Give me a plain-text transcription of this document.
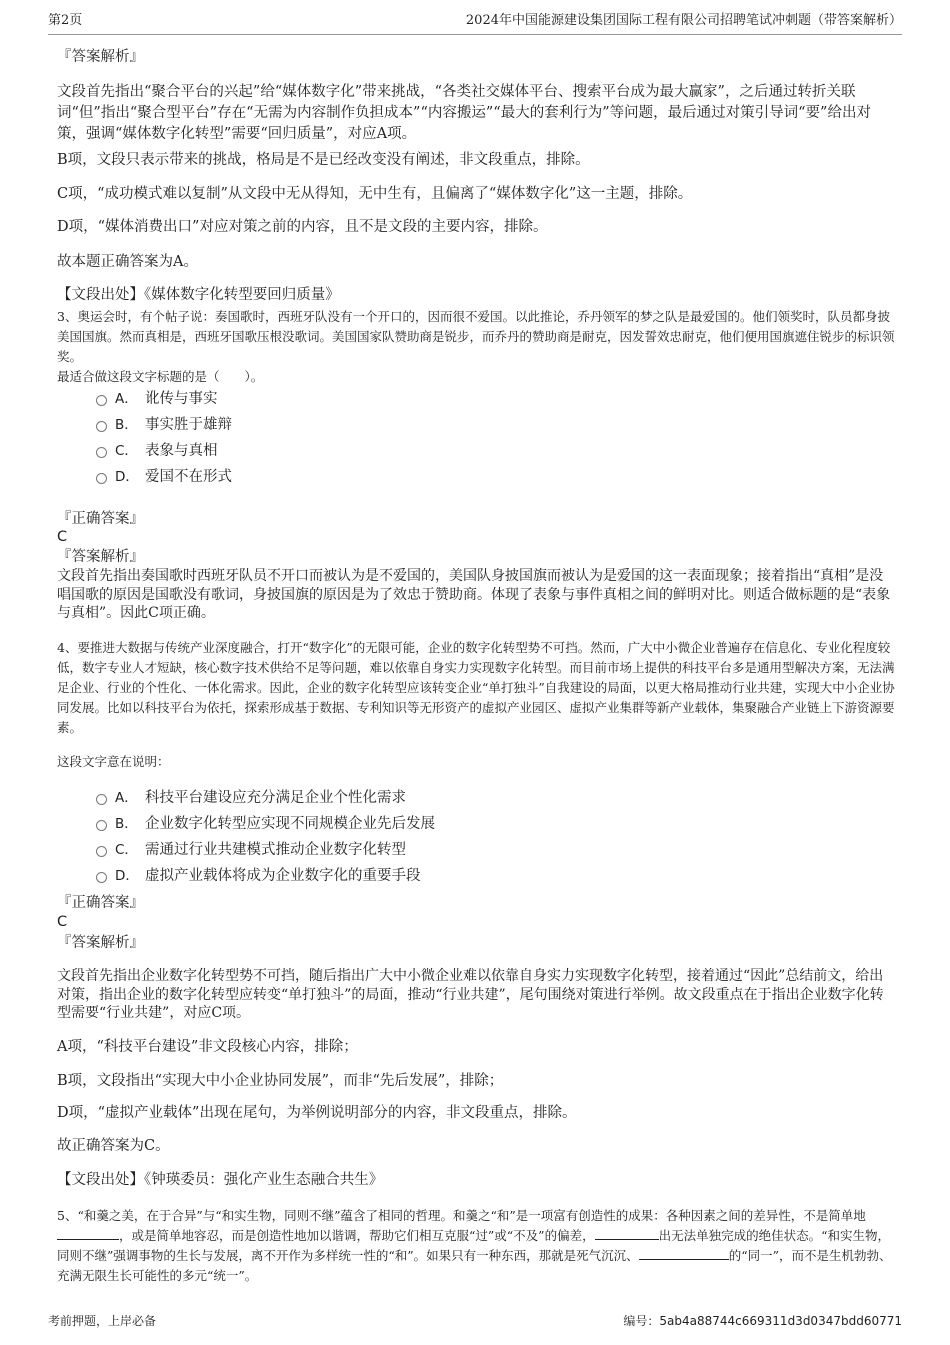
第2页	2024年中国能源建设集团国际工程有限公司招聘笔试冲刺题（带答案解析）
『答案解析』
文段首先指出“聚合平台的兴起”给“媒体数字化”带来挑战，“各类社交媒体平台、搜索平台成为最大赢家”，之后通过转折关联词“但”指出“聚合型平台”存在“无需为内容制作负担成本”“内容搬运”“最大的套利行为”等问题，最后通过对策引导词“要”给出对策，强调“媒体数字化转型”需要“回归质量”，对应A项。
B项，文段只表示带来的挑战，格局是不是已经改变没有阐述，非文段重点，排除。
C项，“成功模式难以复制”从文段中无从得知，无中生有，且偏离了“媒体数字化”这一主题，排除。
D项，“媒体消费出口”对应对策之前的内容，且不是文段的主要内容，排除。
故本题正确答案为A。
【文段出处】《媒体数字化转型要回归质量》
3、奥运会时，有个帖子说：奏国歌时，西班牙队没有一个开口的，因而很不爱国。以此推论，乔丹领军的梦之队是最爱国的。他们领奖时，队员都身披美国国旗。然而真相是，西班牙国歌压根没歌词。美国国家队赞助商是锐步，而乔丹的赞助商是耐克，因发誓效忠耐克，他们便用国旗遮住锐步的标识领奖。
最适合做这段文字标题的是（　　）。
A． 讹传与事实
B． 事实胜于雄辩
C． 表象与真相
D． 爱国不在形式
『正确答案』
C
『答案解析』
文段首先指出奏国歌时西班牙队员不开口而被认为是不爱国的，美国队身披国旗而被认为是爱国的这一表面现象；接着指出“真相”是没唱国歌的原因是国歌没有歌词，身披国旗的原因是为了效忠于赞助商。体现了表象与事件真相之间的鲜明对比。则适合做标题的是“表象与真相”。因此C项正确。
4、要推进大数据与传统产业深度融合，打开“数字化”的无限可能，企业的数字化转型势不可挡。然而，广大中小微企业普遍存在信息化、专业化程度较低，数字专业人才短缺，核心数字技术供给不足等问题，难以依靠自身实力实现数字化转型。而目前市场上提供的科技平台多是通用型解决方案，无法满足企业、行业的个性化、一体化需求。因此，企业的数字化转型应该转变企业“单打独斗”自我建设的局面，以更大格局推动行业共建，实现大中小企业协同发展。比如以科技平台为依托，探索形成基于数据、专利知识等无形资产的虚拟产业园区、虚拟产业集群等新产业载体，集聚融合产业链上下游资源要素。
这段文字意在说明：
A． 科技平台建设应充分满足企业个性化需求
B． 企业数字化转型应实现不同规模企业先后发展
C． 需通过行业共建模式推动企业数字化转型
D． 虚拟产业载体将成为企业数字化的重要手段
『正确答案』
C
『答案解析』
文段首先指出企业数字化转型势不可挡，随后指出广大中小微企业难以依靠自身实力实现数字化转型，接着通过“因此”总结前文，给出对策，指出企业的数字化转型应转变“单打独斗”的局面，推动“行业共建”，尾句围绕对策进行举例。故文段重点在于指出企业数字化转型需要“行业共建”，对应C项。
A项，“科技平台建设”非文段核心内容，排除；
B项，文段指出“实现大中小企业协同发展”，而非“先后发展”，排除；
D项，“虚拟产业载体”出现在尾句，为举例说明部分的内容，非文段重点，排除。
故正确答案为C。
【文段出处】《钟瑛委员：强化产业生态融合共生》
5、“和羹之美，在于合异”与“和实生物，同则不继”蕴含了相同的哲理。和羹之“和”是一项富有创造性的成果：各种因素之间的差异性，不是简单地，或是简单地容忍，而是创造性地加以谐调，帮助它们相互克服“过”或“不及”的偏差，	出无法单独完成的绝佳状态。“和实生物，同则不继”强调事物的生长与发展，离不开作为多样统一性的“和”。如果只有一种东西，那就是死气沉沉、	的“同一”，而不是生机勃勃、充满无限生长可能性的多元“统一”。
考前押题，上岸必备	编号：5ab4a88744c669311d3d0347bdd60771
